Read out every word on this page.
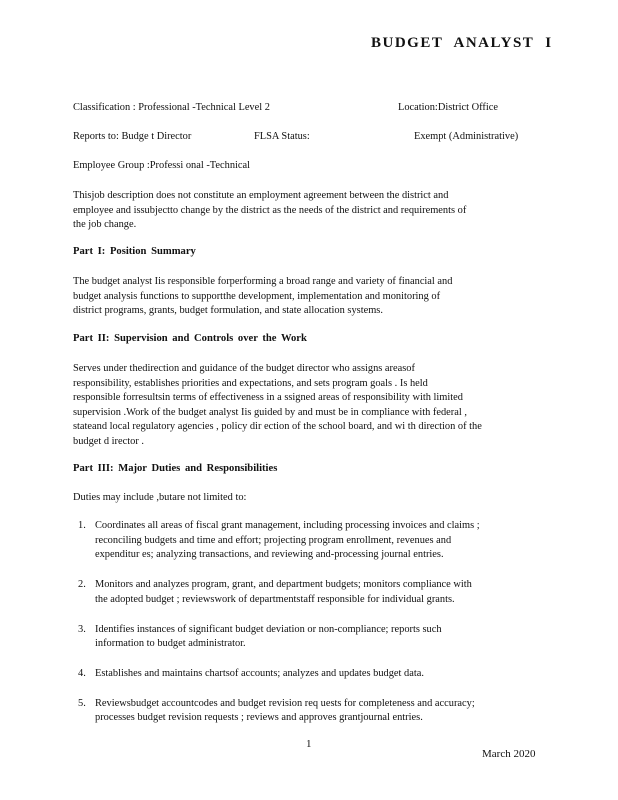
BUDGET ANALYST I
Classification : Professional -Technical Level 2	Location:District Office
Reports to: Budge t Director	FLSA Status:	Exempt (Administrative)
Employee Group :Professi onal -Technical
Thisjob description does not constitute an employment agreement between the district and
employee and issubjectto change by the district as the needs of the district and requirements of
the job change.
Part I: Position Summary
The budget analyst Iis responsible forperforming a broad range and variety of financial and
budget analysis functions to supportthe development, implementation and monitoring of
district programs, grants, budget formulation, and state allocation systems.
Part II: Supervision and Controls over the Work
Serves under thedirection and guidance of the budget director who assigns areasof
responsibility, establishes priorities and expectations, and sets program goals . Is held
responsible forresultsin terms of effectiveness in a ssigned areas of responsibility with limited
supervision .Work of the budget analyst Iis guided by and must be in compliance with federal ,
stateand local regulatory agencies , policy dir ection of the school board, and wi th direction of the
budget d irector .
Part III: Major Duties and Responsibilities
Duties may include ,butare not limited to:
1. Coordinates all areas of fiscal grant management, including processing invoices and claims ;
reconciling budgets and time and effort; projecting program enrollment, revenues and
expenditur es; analyzing transactions, and reviewing and-processing journal entries.
2. Monitors and analyzes program, grant, and department budgets; monitors compliance with
the adopted budget ; reviewswork of departmentstaff responsible for individual grants.
3. Identifies instances of significant budget deviation or non-compliance; reports such
information to budget administrator.
4. Establishes and maintains chartsof accounts; analyzes and updates budget data.
5. Reviewsbudget accountcodes and budget revision req uests for completeness and accuracy;
processes budget revision requests ; reviews and approves grantjournal entries.
1
March 2020
